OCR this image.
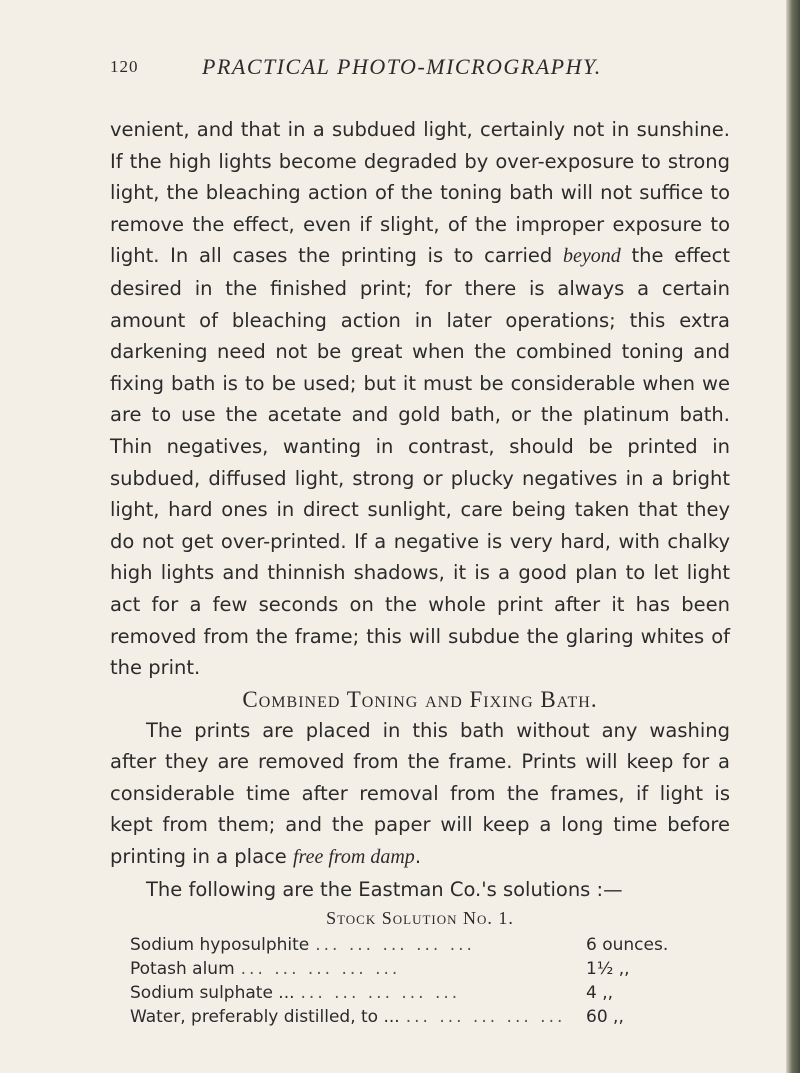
120	PRACTICAL PHOTO-MICROGRAPHY.

venient, and that in a subdued light, certainly not in sunshine. If the high lights become degraded by over-exposure to strong light, the bleaching action of the toning bath will not suffice to remove the effect, even if slight, of the improper exposure to light. In all cases the printing is to carried beyond the effect desired in the finished print; for there is always a certain amount of bleaching action in later operations; this extra darkening need not be great when the combined toning and fixing bath is to be used; but it must be considerable when we are to use the acetate and gold bath, or the platinum bath. Thin negatives, wanting in contrast, should be printed in subdued, diffused light, strong or plucky negatives in a bright light, hard ones in direct sunlight, care being taken that they do not get over-printed. If a negative is very hard, with chalky high lights and thinnish shadows, it is a good plan to let light act for a few seconds on the whole print after it has been removed from the frame; this will subdue the glaring whites of the print.

Combined Toning and Fixing Bath.

The prints are placed in this bath without any washing after they are removed from the frame. Prints will keep for a considerable time after removal from the frames, if light is kept from them; and the paper will keep a long time before printing in a place free from damp.

The following are the Eastman Co.'s solutions :—

Stock Solution No. 1.

Sodium hyposulphite ... ... ... ... ...	6 ounces.
Potash alum ... ... ... ... ...	1½ ,,
Sodium sulphate ... ... ... ... ... ...	4 ,,
Water, preferably distilled, to ... ... ... ... ... ...	60 ,,
